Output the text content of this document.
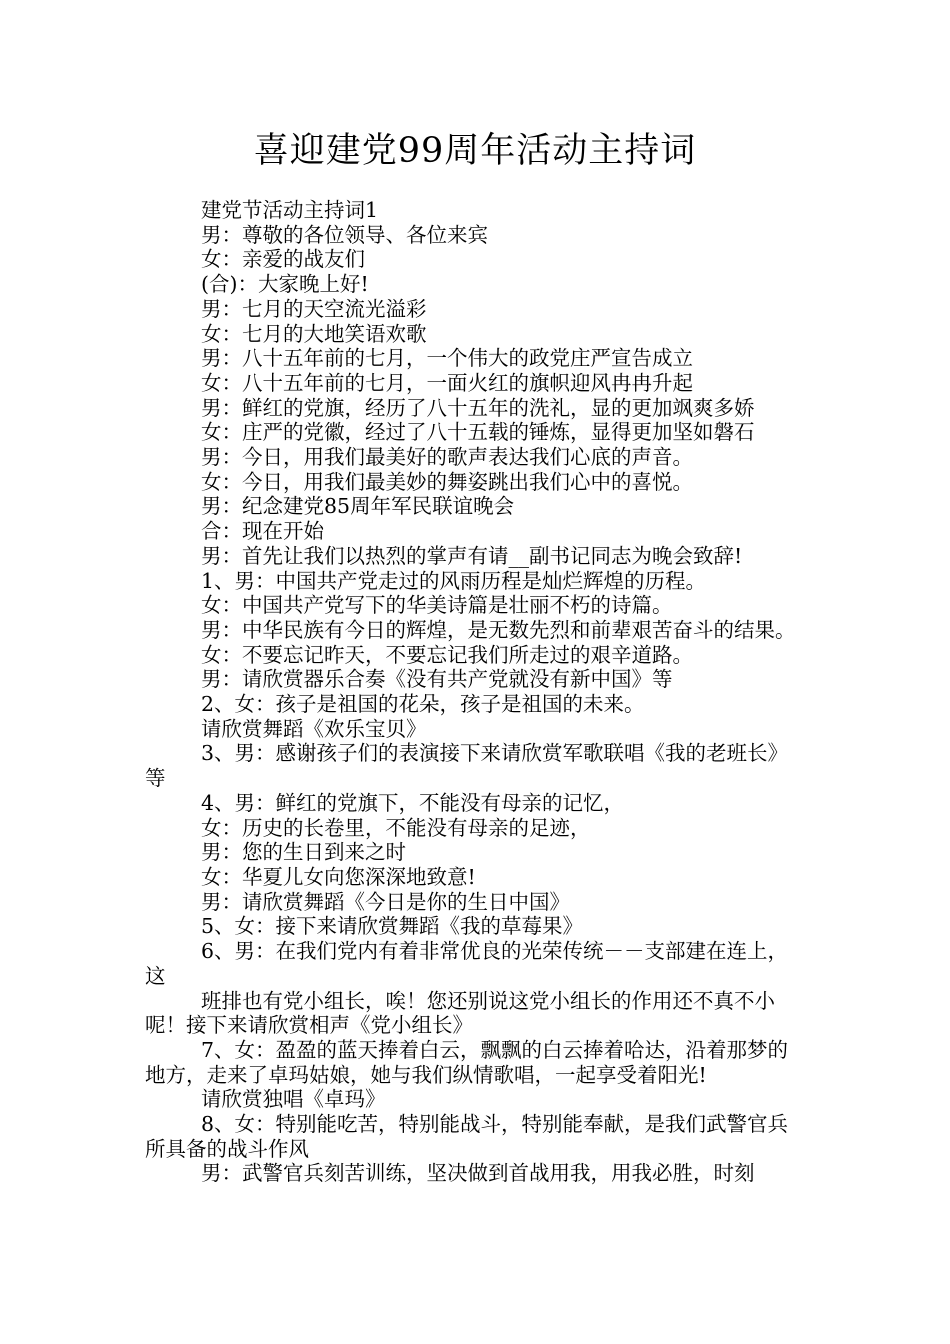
喜迎建党99周年活动主持词

建党节活动主持词1

男：尊敬的各位领导、各位来宾

女：亲爱的战友们

(合)：大家晚上好!

男：七月的天空流光溢彩

女：七月的大地笑语欢歌

男：八十五年前的七月，一个伟大的政党庄严宣告成立

女：八十五年前的七月，一面火红的旗帜迎风冉冉升起

男：鲜红的党旗，经历了八十五年的洗礼，显的更加飒爽多娇

女：庄严的党徽，经过了八十五载的锤炼，显得更加坚如磐石

男：今日，用我们最美好的歌声表达我们心底的声音。

女：今日，用我们最美妙的舞姿跳出我们心中的喜悦。

男：纪念建党85周年军民联谊晚会

合：现在开始

男：首先让我们以热烈的掌声有请__副书记同志为晚会致辞!

1、男：中国共产党走过的风雨历程是灿烂辉煌的历程。

女：中国共产党写下的华美诗篇是壮丽不朽的诗篇。

男：中华民族有今日的辉煌，是无数先烈和前辈艰苦奋斗的结果。

女：不要忘记昨天，不要忘记我们所走过的艰辛道路。

男：请欣赏器乐合奏《没有共产党就没有新中国》等

2、女：孩子是祖国的花朵，孩子是祖国的未来。

请欣赏舞蹈《欢乐宝贝》

3、男：感谢孩子们的表演接下来请欣赏军歌联唱《我的老班长》等

4、男：鲜红的党旗下，不能没有母亲的记忆，

女：历史的长卷里，不能没有母亲的足迹，

男：您的生日到来之时

女：华夏儿女向您深深地致意!

男：请欣赏舞蹈《今日是你的生日中国》

5、女：接下来请欣赏舞蹈《我的草莓果》

6、男：在我们党内有着非常优良的光荣传统－－支部建在连上，这

班排也有党小组长，唉！您还别说这党小组长的作用还不真不小呢！接下来请欣赏相声《党小组长》

7、女：盈盈的蓝天捧着白云，飘飘的白云捧着哈达，沿着那梦的地方，走来了卓玛姑娘，她与我们纵情歌唱，一起享受着阳光!

请欣赏独唱《卓玛》

8、女：特别能吃苦，特别能战斗，特别能奉献，是我们武警官兵所具备的战斗作风

男：武警官兵刻苦训练，坚决做到首战用我，用我必胜，时刻
